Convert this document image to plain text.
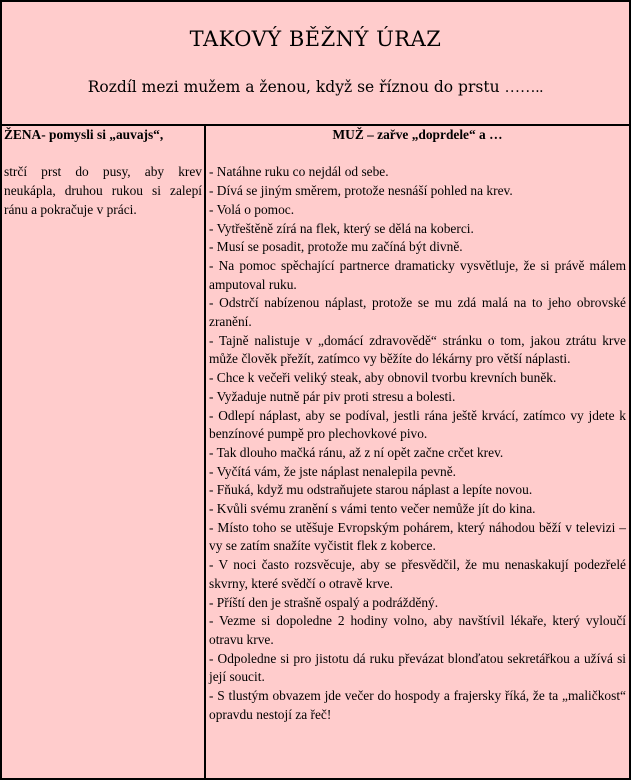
TAKOVÝ BĚŽNÝ ÚRAZ
Rozdíl mezi mužem a ženou, když se říznou do prstu ……..
ŽENA- pomysli si „auvajs“,
strčí prst do pusy, aby krev neukápla, druhou rukou si zalepí ránu a pokračuje v práci.
MUŽ – zařve „doprdele“ a …
- Natáhne ruku co nejdál od sebe.
- Dívá se jiným směrem, protože nesnáší pohled na krev.
- Volá o pomoc.
- Vytřeštěně zírá na flek, který se dělá na koberci.
- Musí se posadit, protože mu začíná být divně.
- Na pomoc spěchající partnerce dramaticky vysvětluje, že si právě málem amputoval ruku.
- Odstrčí nabízenou náplast, protože se mu zdá malá na to jeho obrovské zranění.
- Tajně nalistuje v „domácí zdravovědě“ stránku o tom, jakou ztrátu krve může člověk přežít, zatímco vy běžíte do lékárny pro větší náplasti.
- Chce k večeři veliký steak, aby obnovil tvorbu krevních buněk.
- Vyžaduje nutně pár piv proti stresu a bolesti.
- Odlepí náplast, aby se podíval, jestli rána ještě krvácí, zatímco vy jdete k benzínové pumpě pro plechovkové pivo.
- Tak dlouho mačká ránu, až z ní opět začne crčet krev.
- Vyčítá vám, že jste náplast nenalepila pevně.
- Fňuká, když mu odstraňujete starou náplast a lepíte novou.
- Kvůli svému zranění s vámi tento večer nemůže jít do kina.
- Místo toho se utěšuje Evropským pohárem, který náhodou běží v televizi – vy se zatím snažíte vyčistit flek z koberce.
- V noci často rozsvěcuje, aby se přesvědčil, že mu nenaskakují podezřelé skvrny, které svědčí o otravě krve.
- Příští den je strašně ospalý a podrážděný.
- Vezme si dopoledne 2 hodiny volno, aby navštívil lékaře, který vyloučí otravu krve.
- Odpoledne si pro jistotu dá ruku převázat blonďatou sekretářkou a užívá si její soucit.
- S tlustým obvazem jde večer do hospody a frajersky říká, že ta „maličkost“ opravdu nestojí za řeč!
